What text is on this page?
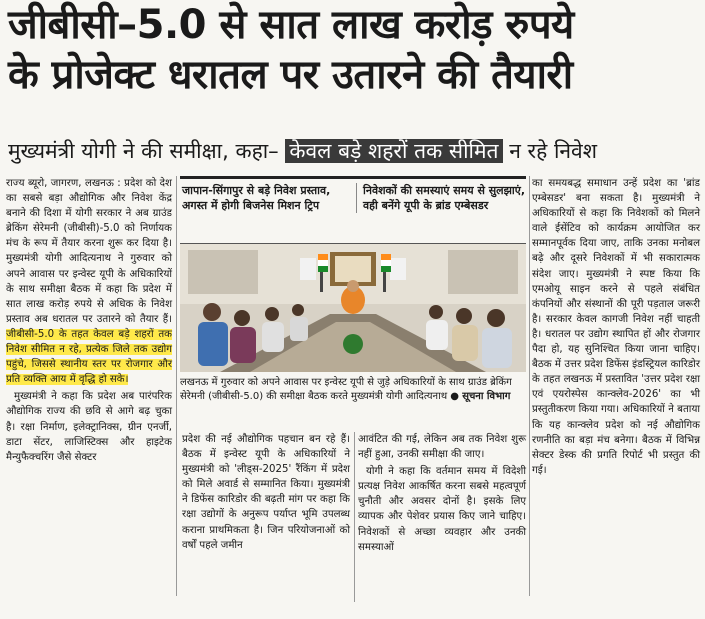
जीबीसी–5.0 से सात लाख करोड़ रुपये
के प्रोजेक्ट धरातल पर उतारने की तैयारी
मुख्यमंत्री योगी ने की समीक्षा, कहा– केवल बड़े शहरों तक सीमित न रहे निवेश

राज्य ब्यूरो, जागरण, लखनऊ : प्रदेश को देश का सबसे बड़ा औद्योगिक और निवेश केंद्र बनाने की दिशा में योगी सरकार ने अब ग्राउंड ब्रेकिंग सेरेमनी (जीबीसी)-5.0 को निर्णायक मंच के रूप में तैयार करना शुरू कर दिया है। मुख्यमंत्री योगी आदित्यनाथ ने गुरुवार को अपने आवास पर इन्वेस्ट यूपी के अधिकारियों के साथ समीक्षा बैठक में कहा कि प्रदेश में सात लाख करोड़ रुपये से अधिक के निवेश प्रस्ताव अब धरातल पर उतारने को तैयार हैं। जीबीसी-5.0 के तहत केवल बड़े शहरों तक निवेश सीमित न रहे, प्रत्येक जिले तक उद्योग पहुंचे, जिससे स्थानीय स्तर पर रोजगार और प्रति व्यक्ति आय में वृद्धि हो सके।

मुख्यमंत्री ने कहा कि प्रदेश अब पारंपरिक औद्योगिक राज्य की छवि से आगे बढ़ चुका है। रक्षा निर्माण, इलेक्ट्रानिक्स, ग्रीन एनर्जी, डाटा सेंटर, लाजिस्टिक्स और हाइटेक मैन्युफैक्चरिंग जैसे सेक्टर

जापान-सिंगापुर से बड़े निवेश प्रस्ताव, अगस्त में होगी बिजनेस मिशन ट्रिप
निवेशकों की समस्याएं समय से सुलझाएं, वही बनेंगे यूपी के ब्रांड एम्बेसडर
लखनऊ में गुरुवार को अपने आवास पर इन्वेस्ट यूपी से जुड़े अधिकारियों के साथ ग्राउंड ब्रेकिंग सेरेमनी (जीबीसी-5.0) की समीक्षा बैठक करते मुख्यमंत्री योगी आदित्यनाथ ● सूचना विभाग

प्रदेश की नई औद्योगिक पहचान बन रहे हैं। बैठक में इन्वेस्ट यूपी के अधिकारियों ने मुख्यमंत्री को 'लीड्स-2025' रैंकिंग में प्रदेश को मिले अवार्ड से सम्मानित किया। मुख्यमंत्री ने डिफेंस कारिडोर की बढ़ती मांग पर कहा कि रक्षा उद्योगों के अनुरूप पर्याप्त भूमि उपलब्ध कराना प्राथमिकता है। जिन परियोजनाओं को वर्षों पहले जमीन

आवंटित की गई, लेकिन अब तक निवेश शुरू नहीं हुआ, उनकी समीक्षा की जाए।

योगी ने कहा कि वर्तमान समय में विदेशी प्रत्यक्ष निवेश आकर्षित करना सबसे महत्वपूर्ण चुनौती और अवसर दोनों है। इसके लिए व्यापक और पेशेवर प्रयास किए जाने चाहिए। निवेशकों से अच्छा व्यवहार और उनकी समस्याओं

का समयबद्ध समाधान उन्हें प्रदेश का 'ब्रांड एम्बेसडर' बना सकता है। मुख्यमंत्री ने अधिकारियों से कहा कि निवेशकों को मिलने वाले ईसेंटिव को कार्यक्रम आयोजित कर सम्मानपूर्वक दिया जाए, ताकि उनका मनोबल बढ़े और दूसरे निवेशकों में भी सकारात्मक संदेश जाए। मुख्यमंत्री ने स्पष्ट किया कि एमओयू साइन करने से पहले संबंधित कंपनियों और संस्थानों की पूरी पड़ताल जरूरी है। सरकार केवल कागजी निवेश नहीं चाहती है। धरातल पर उद्योग स्थापित हों और रोजगार पैदा हो, यह सुनिश्चित किया जाना चाहिए। बैठक में उत्तर प्रदेश डिफेंस इंडस्ट्रियल कारिडोर के तहत लखनऊ में प्रस्तावित 'उत्तर प्रदेश रक्षा एवं एयरोस्पेस कान्क्लेव-2026' का भी प्रस्तुतीकरण किया गया। अधिकारियों ने बताया कि यह कान्क्लेव प्रदेश को नई औद्योगिक रणनीति का बड़ा मंच बनेगा। बैठक में विभिन्न सेक्टर डेस्क की प्रगति रिपोर्ट भी प्रस्तुत की गई।
